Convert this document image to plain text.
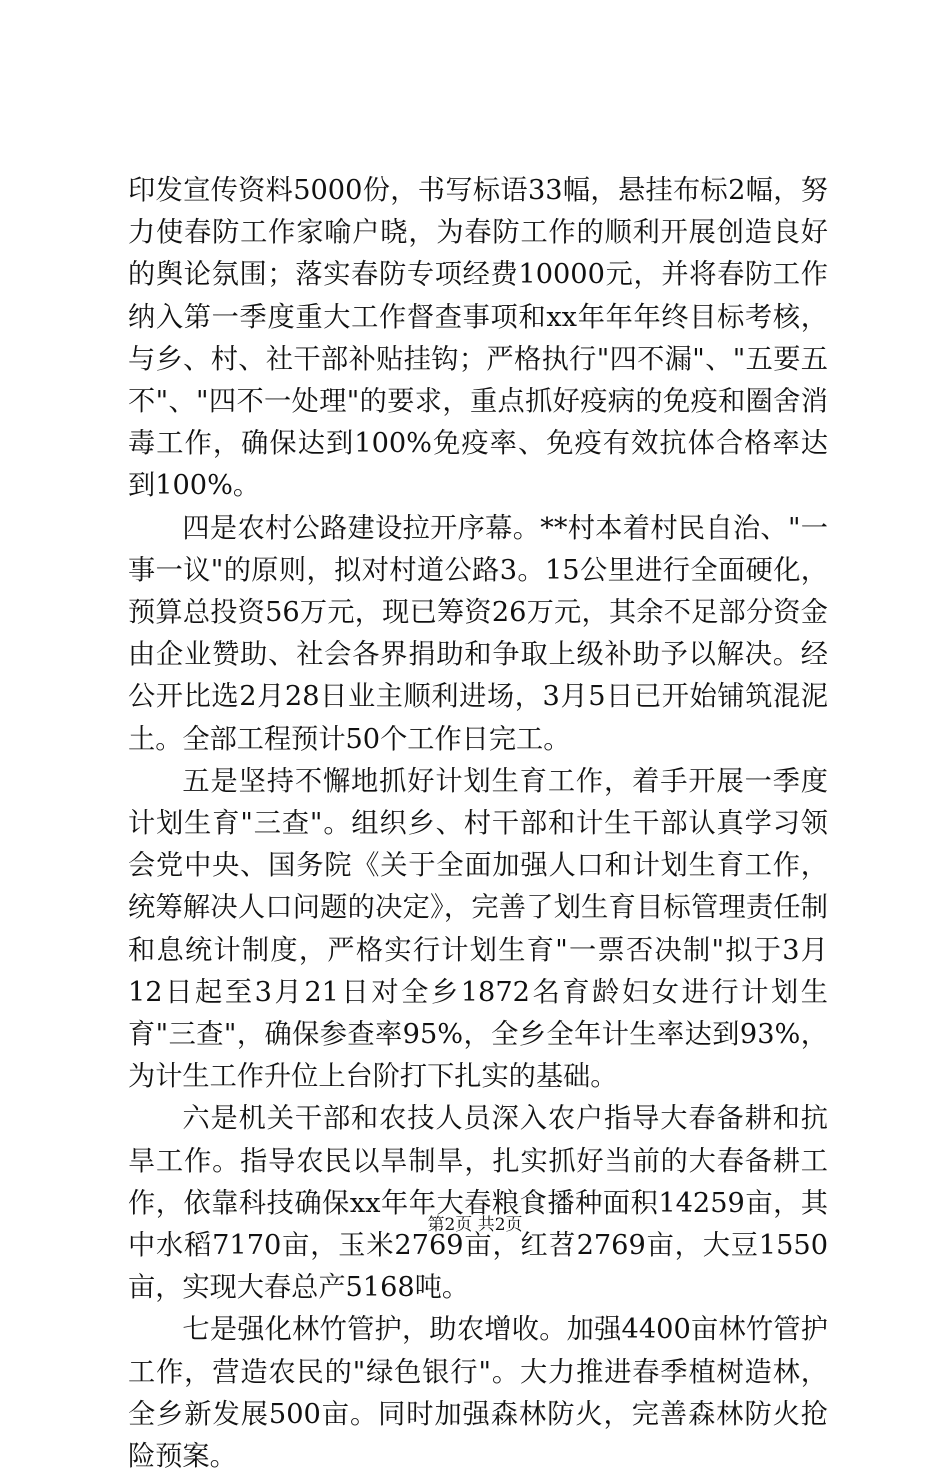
印发宣传资料5000份，书写标语33幅，悬挂布标2幅，努力使春防工作家喻户晓，为春防工作的顺利开展创造良好的舆论氛围；落实春防专项经费10000元，并将春防工作纳入第一季度重大工作督查事项和xx年年年终目标考核，与乡、村、社干部补贴挂钩；严格执行"四不漏"、"五要五不"、"四不一处理"的要求，重点抓好疫病的免疫和圈舍消毒工作，确保达到100%免疫率、免疫有效抗体合格率达到100%。

四是农村公路建设拉开序幕。**村本着村民自治、"一事一议"的原则，拟对村道公路3。15公里进行全面硬化，预算总投资56万元，现已筹资26万元，其余不足部分资金由企业赞助、社会各界捐助和争取上级补助予以解决。经公开比选2月28日业主顺利进场，3月5日已开始铺筑混泥土。全部工程预计50个工作日完工。

五是坚持不懈地抓好计划生育工作，着手开展一季度计划生育"三查"。组织乡、村干部和计生干部认真学习领会党中央、国务院《关于全面加强人口和计划生育工作，统筹解决人口问题的决定》，完善了划生育目标管理责任制和息统计制度，严格实行计划生育"一票否决制"拟于3月12日起至3月21日对全乡1872名育龄妇女进行计划生育"三查"，确保参查率95%，全乡全年计生率达到93%，为计生工作升位上台阶打下扎实的基础。

六是机关干部和农技人员深入农户指导大春备耕和抗旱工作。指导农民以旱制旱，扎实抓好当前的大春备耕工作，依靠科技确保xx年年大春粮食播种面积14259亩，其中水稻7170亩，玉米2769亩，红苕2769亩，大豆1550亩，实现大春总产5168吨。

七是强化林竹管护，助农增收。加强4400亩林竹管护工作，营造农民的"绿色银行"。大力推进春季植树造林，全乡新发展500亩。同时加强森林防火，完善森林防火抢险预案。

第2页 共2页
